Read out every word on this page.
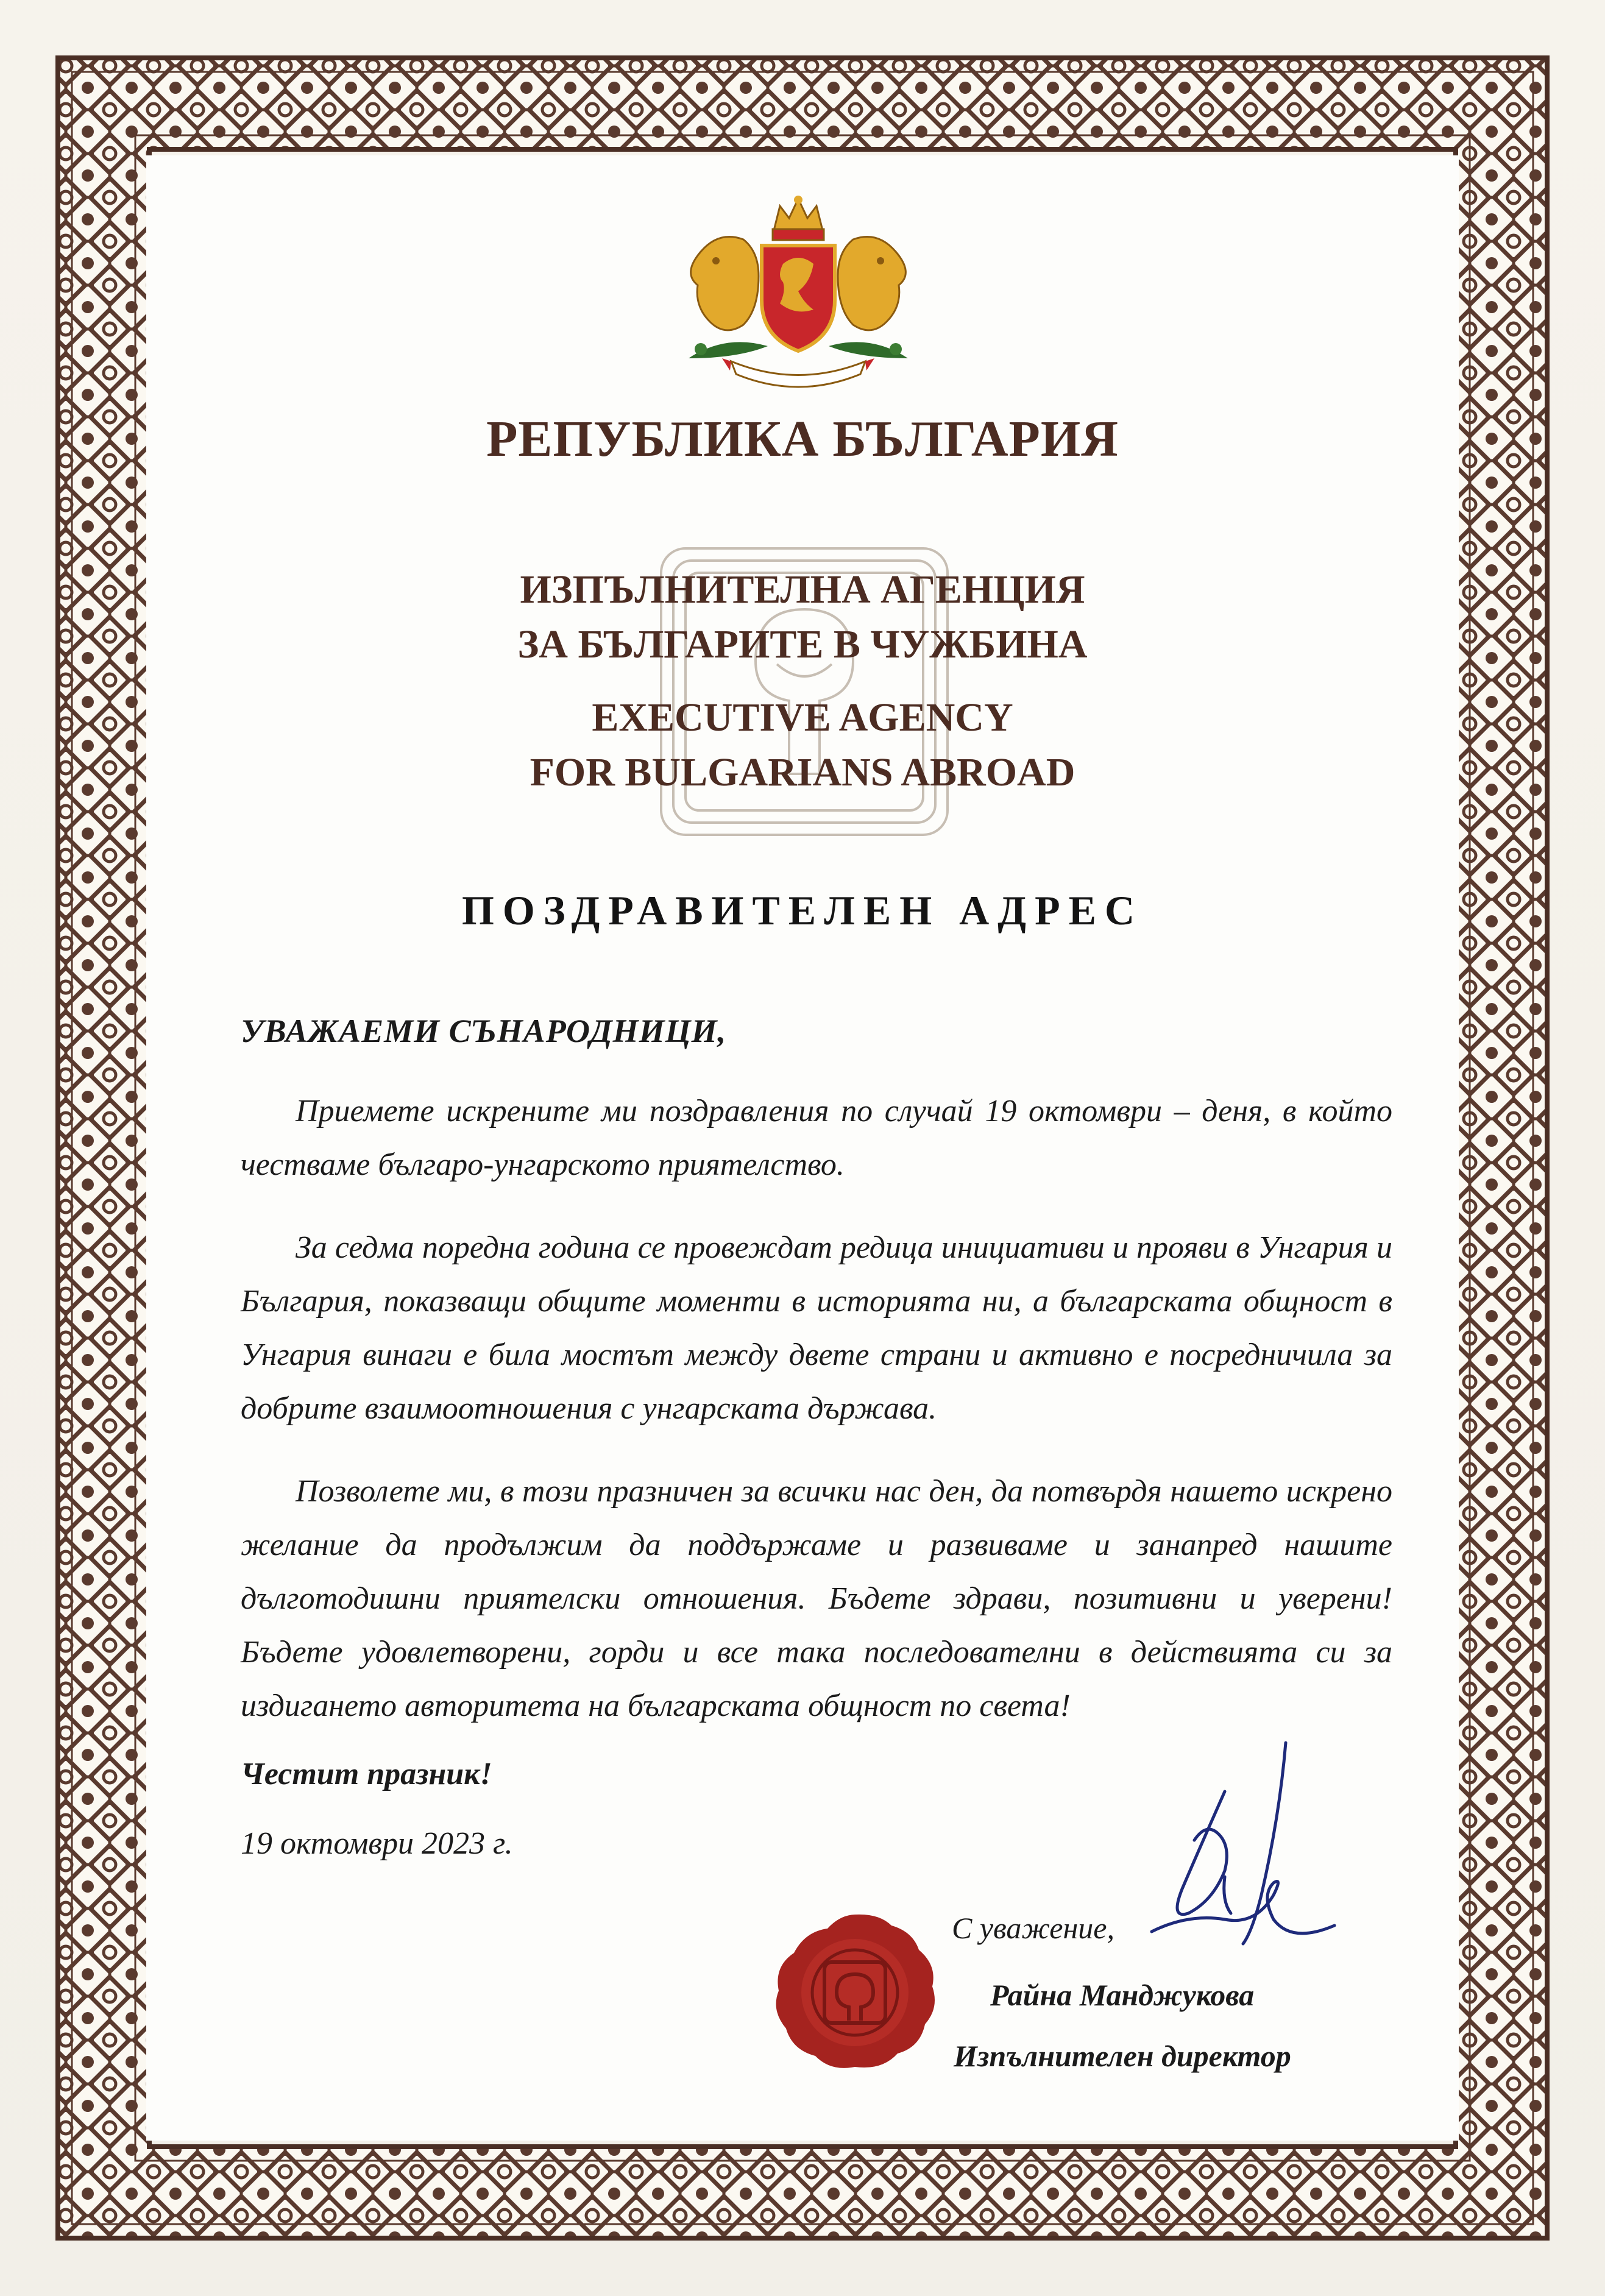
РЕПУБЛИКА БЪЛГАРИЯ
ИЗПЪЛНИТЕЛНА АГЕНЦИЯ
ЗА БЪЛГАРИТЕ В ЧУЖБИНА
EXECUTIVE AGENCY
FOR BULGARIANS ABROAD
ПОЗДРАВИТЕЛЕН АДРЕС
УВАЖАЕМИ СЪНАРОДНИЦИ,

Приемете искрените ми поздравления по случай 19 октомври – деня, в който честваме българо-унгарското приятелство.

За седма поредна година се провеждат редица инициативи и прояви в Унгария и България, показващи общите моменти в историята ни, а българската общност в Унгария винаги е била мостът между двете страни и активно е посредничила за добрите взаимоотношения с унгарската държава.

Позволете ми, в този празничен за всички нас ден, да потвърдя нашето искрено желание да продължим да поддържаме и развиваме и занапред нашите дълготодишни приятелски отношения. Бъдете здрави, позитивни и уверени! Бъдете удовлетворени, горди и все така последователни в действията си за издигането авторитета на българската общност по света!

Честит празник!
19 октомври 2023 г.
С уважение,
Райна Манджукова
Изпълнителен директор
